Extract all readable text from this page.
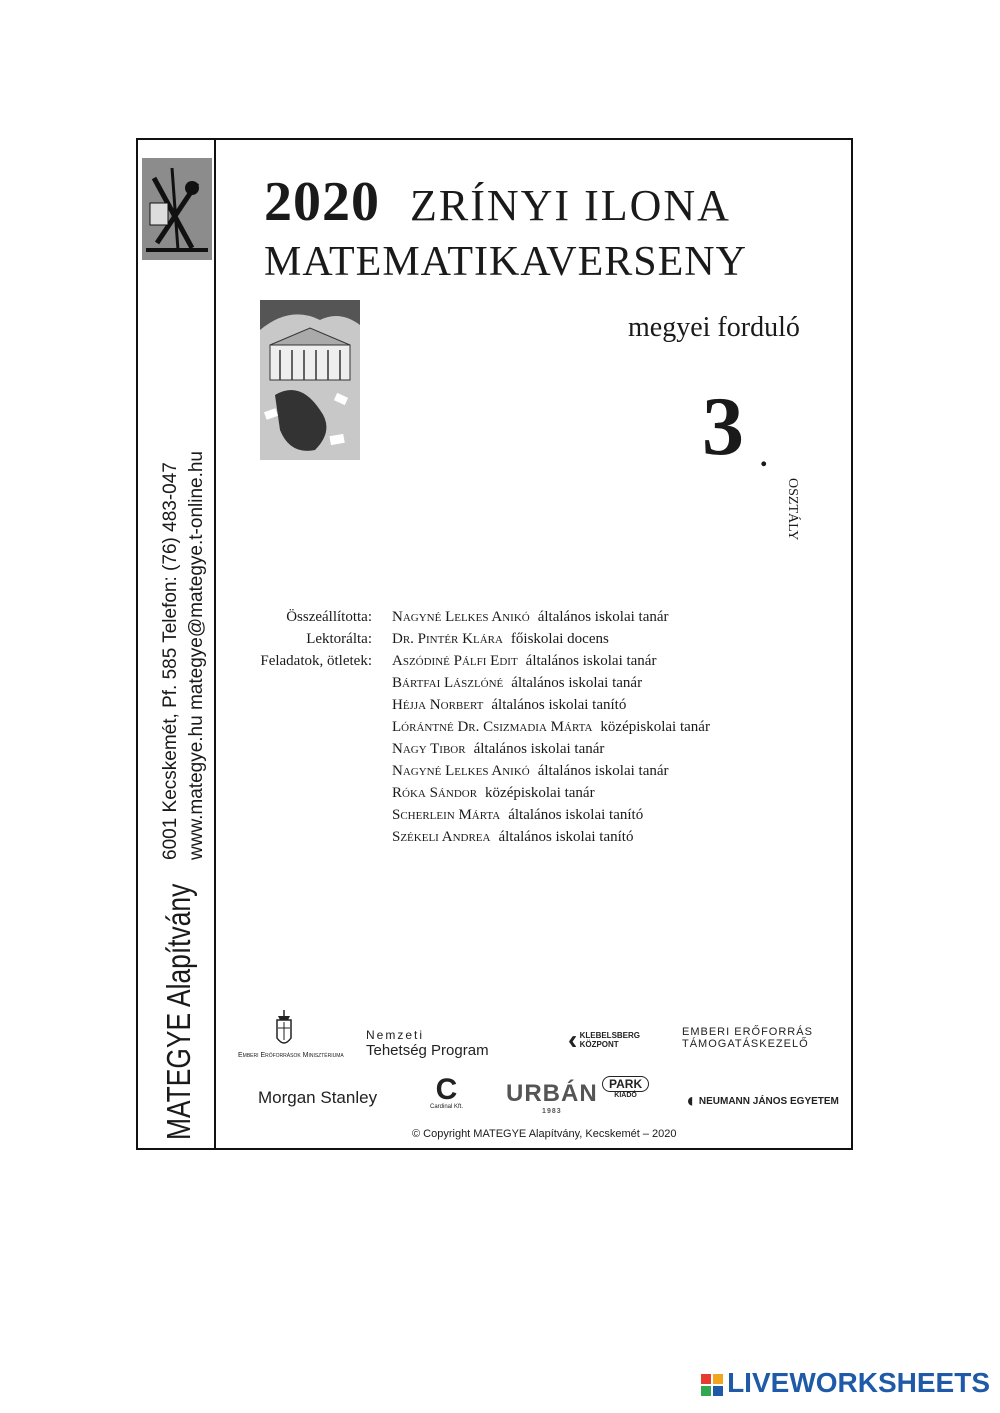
6001 Kecskemét, Pf. 585 Telefon: (76) 483-047 www.mategye.hu mategye@mategye.t-online.hu
MATEGYE Alapítvány
2020 ZRÍNYI ILONA
MATEMATIKAVERSENY
megyei forduló
3 .
osztály
Összeállította:	Nagyné Lelkes Anikó általános iskolai tanár
Lektorálta:	Dr. Pintér Klára főiskolai docens
Feladatok, ötletek:	Aszódiné Pálfi Edit általános iskolai tanár
Bártfai Lászlóné általános iskolai tanár
Héjja Norbert általános iskolai tanító
Lórántné Dr. Csizmadia Márta középiskolai tanár
Nagy Tibor általános iskolai tanár
Nagyné Lelkes Anikó általános iskolai tanár
Róka Sándor középiskolai tanár
Scherlein Márta általános iskolai tanító
Székeli Andrea általános iskolai tanító
Emberi Erőforrások Minisztériuma
Nemzeti
Tehetség Program	‹ KLEBELSBERG
KÖZPONT
EMBERI ERŐFORRÁS
TÁMOGATÁSKEZELŐ
Morgan Stanley C
Cardinal Kft. URBÁN
1983
PARK
KIADÓ	◖ NEUMANN JÁNOS EGYETEM
© Copyright MATEGYE Alapítvány, Kecskemét – 2020
LIVEWORKSHEETS
